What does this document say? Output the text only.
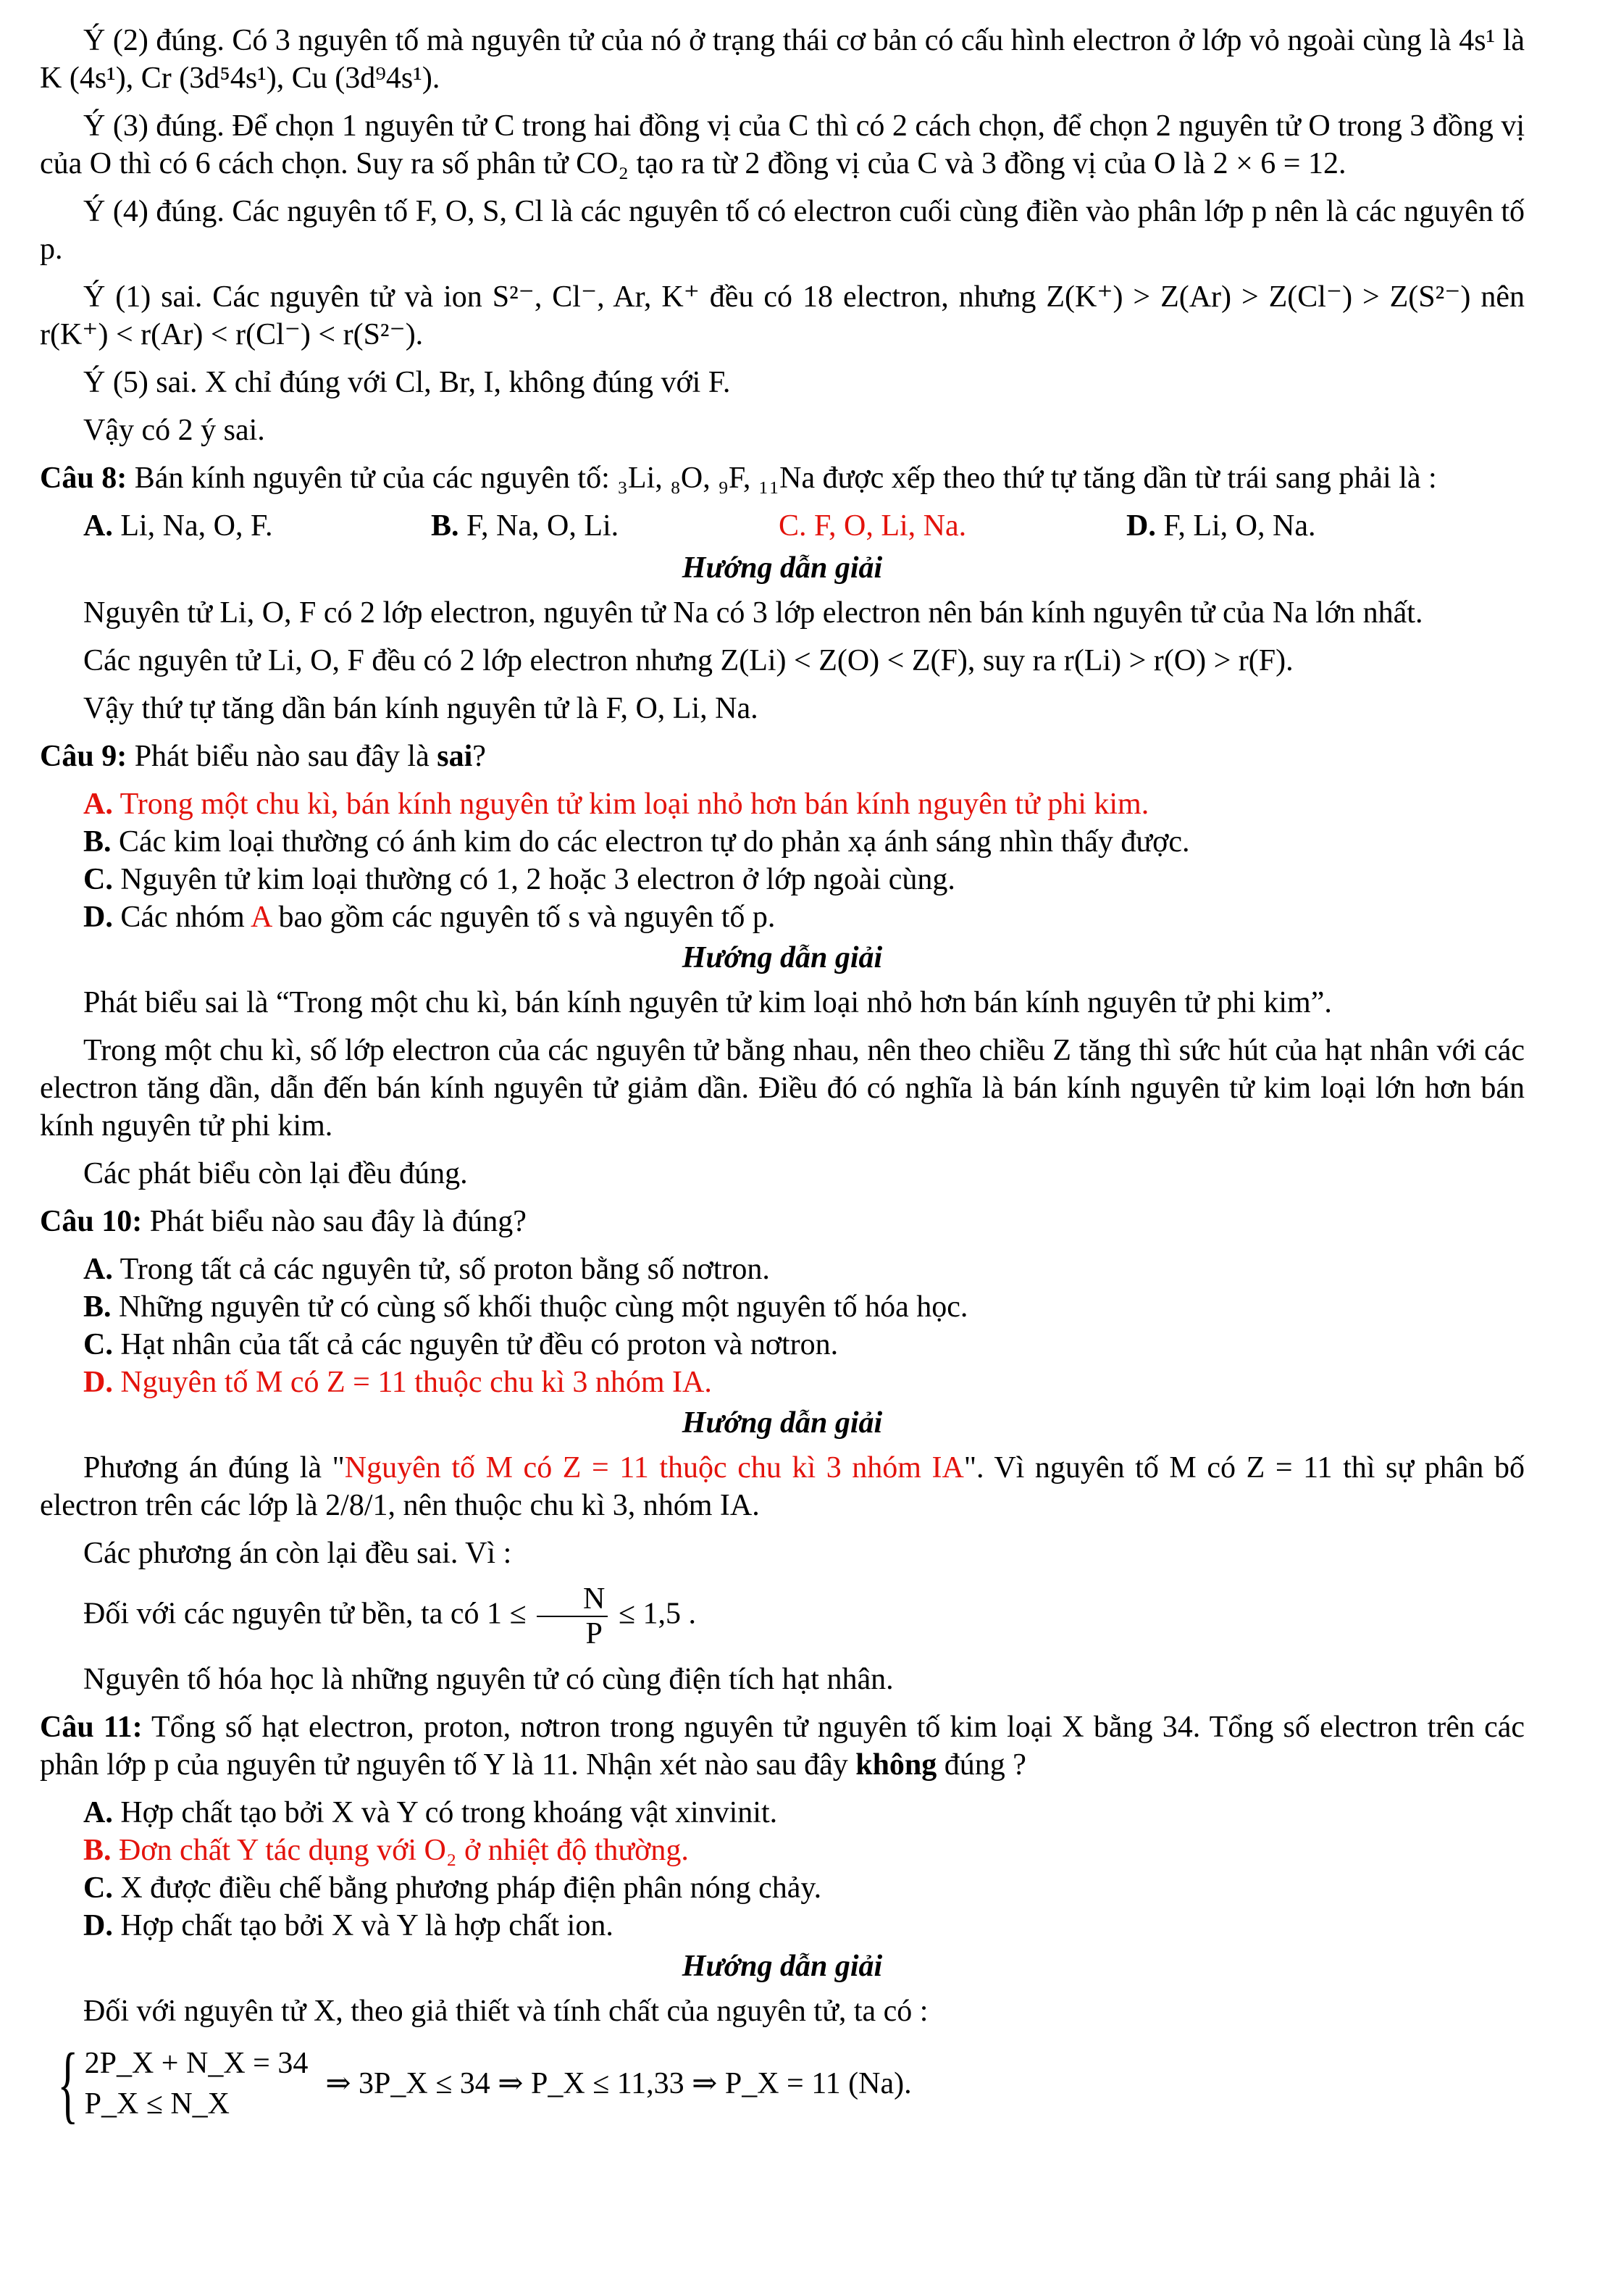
Ý (2) đúng. Có 3 nguyên tố mà nguyên tử của nó ở trạng thái cơ bản có cấu hình electron ở lớp vỏ ngoài cùng là 4s¹ là K (4s¹), Cr (3d⁵4s¹), Cu (3d⁹4s¹).

Ý (3) đúng. Để chọn 1 nguyên tử C trong hai đồng vị của C thì có 2 cách chọn, để chọn 2 nguyên tử O trong 3 đồng vị của O thì có 6 cách chọn. Suy ra số phân tử CO₂ tạo ra từ 2 đồng vị của C và 3 đồng vị của O là 2 × 6 = 12.

Ý (4) đúng. Các nguyên tố F, O, S, Cl là các nguyên tố có electron cuối cùng điền vào phân lớp p nên là các nguyên tố p.

Ý (1) sai. Các nguyên tử và ion S²⁻, Cl⁻, Ar, K⁺ đều có 18 electron, nhưng Z(K⁺) > Z(Ar) > Z(Cl⁻) > Z(S²⁻) nên r(K⁺) < r(Ar) < r(Cl⁻) < r(S²⁻).

Ý (5) sai. X chỉ đúng với Cl, Br, I, không đúng với F.

Vậy có 2 ý sai.

Câu 8: Bán kính nguyên tử của các nguyên tố: ₃Li, ₈O, ₉F, ₁₁Na được xếp theo thứ tự tăng dần từ trái sang phải là :

A. Li, Na, O, F.	B. F, Na, O, Li.	C. F, O, Li, Na.	D. F, Li, O, Na.
Hướng dẫn giải

Nguyên tử Li, O, F có 2 lớp electron, nguyên tử Na có 3 lớp electron nên bán kính nguyên tử của Na lớn nhất.

Các nguyên tử Li, O, F đều có 2 lớp electron nhưng Z(Li) < Z(O) < Z(F), suy ra r(Li) > r(O) > r(F).

Vậy thứ tự tăng dần bán kính nguyên tử là F, O, Li, Na.

Câu 9: Phát biểu nào sau đây là sai?

A. Trong một chu kì, bán kính nguyên tử kim loại nhỏ hơn bán kính nguyên tử phi kim.
B. Các kim loại thường có ánh kim do các electron tự do phản xạ ánh sáng nhìn thấy được.
C. Nguyên tử kim loại thường có 1, 2 hoặc 3 electron ở lớp ngoài cùng.
D. Các nhóm A bao gồm các nguyên tố s và nguyên tố p.
Hướng dẫn giải

Phát biểu sai là “Trong một chu kì, bán kính nguyên tử kim loại nhỏ hơn bán kính nguyên tử phi kim”.

Trong một chu kì, số lớp electron của các nguyên tử bằng nhau, nên theo chiều Z tăng thì sức hút của hạt nhân với các electron tăng dần, dẫn đến bán kính nguyên tử giảm dần. Điều đó có nghĩa là bán kính nguyên tử kim loại lớn hơn bán kính nguyên tử phi kim.

Các phát biểu còn lại đều đúng.

Câu 10: Phát biểu nào sau đây là đúng?

A. Trong tất cả các nguyên tử, số proton bằng số nơtron.
B. Những nguyên tử có cùng số khối thuộc cùng một nguyên tố hóa học.
C. Hạt nhân của tất cả các nguyên tử đều có proton và nơtron.
D. Nguyên tố M có Z = 11 thuộc chu kì 3 nhóm IA.
Hướng dẫn giải

Phương án đúng là "Nguyên tố M có Z = 11 thuộc chu kì 3 nhóm IA". Vì nguyên tố M có Z = 11 thì sự phân bố electron trên các lớp là 2/8/1, nên thuộc chu kì 3, nhóm IA.

Các phương án còn lại đều sai. Vì :

Đối với các nguyên tử bền, ta có $1 \le \frac{N}{P} \le 1,5$ .

Nguyên tố hóa học là những nguyên tử có cùng điện tích hạt nhân.

Câu 11: Tổng số hạt electron, proton, nơtron trong nguyên tử nguyên tố kim loại X bằng 34. Tổng số electron trên các phân lớp p của nguyên tử nguyên tố Y là 11. Nhận xét nào sau đây không đúng ?

A. Hợp chất tạo bởi X và Y có trong khoáng vật xinvinit.
B. Đơn chất Y tác dụng với O₂ ở nhiệt độ thường.
C. X được điều chế bằng phương pháp điện phân nóng chảy.
D. Hợp chất tạo bởi X và Y là hợp chất ion.
Hướng dẫn giải

Đối với nguyên tử X, theo giả thiết và tính chất của nguyên tử, ta có :

{ 2P_X + N_X = 34
P_X ≤ N_X
⇒ 3P_X ≤ 34 ⇒ P_X ≤ 11,33 ⇒ P_X = 11 (Na).
